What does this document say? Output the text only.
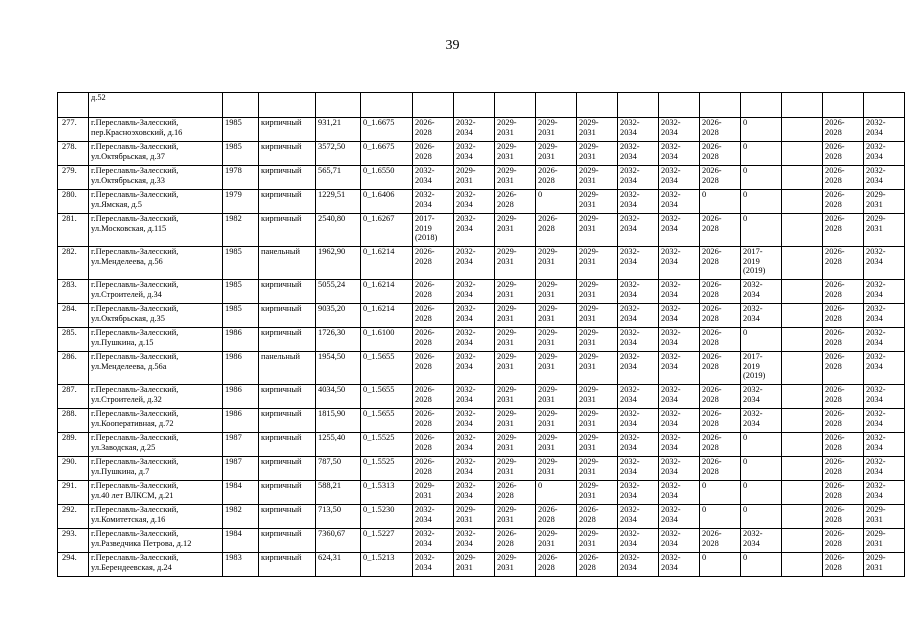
39
	д.52																
277.	г.Переславль-Залесский,
пер.Красноэховский, д.16	1985	кирпичный	931,21	0_1.6675	2026-
2028	2032-
2034	2029-
2031	2029-
2031	2029-
2031	2032-
2034	2032-
2034	2026-
2028	0		2026-
2028	2032-
2034
278.	г.Переславль-Залесский,
ул.Октябрьская, д.37	1985	кирпичный	3572,50	0_1.6675	2026-
2028	2032-
2034	2029-
2031	2029-
2031	2029-
2031	2032-
2034	2032-
2034	2026-
2028	0		2026-
2028	2032-
2034
279.	г.Переславль-Залесский,
ул.Октябрьская, д.33	1978	кирпичный	565,71	0_1.6550	2032-
2034	2029-
2031	2029-
2031	2026-
2028	2029-
2031	2032-
2034	2032-
2034	2026-
2028	0		2026-
2028	2032-
2034
280.	г.Переславль-Залесский,
ул.Ямская, д.5	1979	кирпичный	1229,51	0_1.6406	2032-
2034	2032-
2034	2026-
2028	0	2029-
2031	2032-
2034	2032-
2034	0	0		2026-
2028	2029-
2031
281.	г.Переславль-Залесский,
ул.Московская, д.115	1982	кирпичный	2540,80	0_1.6267	2017-
2019
(2018)	2032-
2034	2029-
2031	2026-
2028	2029-
2031	2032-
2034	2032-
2034	2026-
2028	0		2026-
2028	2029-
2031
282.	г.Переславль-Залесский,
ул.Менделеева, д.56	1985	панельный	1962,90	0_1.6214	2026-
2028	2032-
2034	2029-
2031	2029-
2031	2029-
2031	2032-
2034	2032-
2034	2026-
2028	2017-
2019
(2019)		2026-
2028	2032-
2034
283.	г.Переславль-Залесский,
ул.Строителей, д.34	1985	кирпичный	5055,24	0_1.6214	2026-
2028	2032-
2034	2029-
2031	2029-
2031	2029-
2031	2032-
2034	2032-
2034	2026-
2028	2032-
2034		2026-
2028	2032-
2034
284.	г.Переславль-Залесский,
ул.Октябрьская, д.35	1985	кирпичный	9035,20	0_1.6214	2026-
2028	2032-
2034	2029-
2031	2029-
2031	2029-
2031	2032-
2034	2032-
2034	2026-
2028	2032-
2034		2026-
2028	2032-
2034
285.	г.Переславль-Залесский,
ул.Пушкина, д.15	1986	кирпичный	1726,30	0_1.6100	2026-
2028	2032-
2034	2029-
2031	2029-
2031	2029-
2031	2032-
2034	2032-
2034	2026-
2028	0		2026-
2028	2032-
2034
286.	г.Переславль-Залесский,
ул.Менделеева, д.56а	1986	панельный	1954,50	0_1.5655	2026-
2028	2032-
2034	2029-
2031	2029-
2031	2029-
2031	2032-
2034	2032-
2034	2026-
2028	2017-
2019
(2019)		2026-
2028	2032-
2034
287.	г.Переславль-Залесский,
ул.Строителей, д.32	1986	кирпичный	4034,50	0_1.5655	2026-
2028	2032-
2034	2029-
2031	2029-
2031	2029-
2031	2032-
2034	2032-
2034	2026-
2028	2032-
2034		2026-
2028	2032-
2034
288.	г.Переславль-Залесский,
ул.Кооперативная, д.72	1986	кирпичный	1815,90	0_1.5655	2026-
2028	2032-
2034	2029-
2031	2029-
2031	2029-
2031	2032-
2034	2032-
2034	2026-
2028	2032-
2034		2026-
2028	2032-
2034
289.	г.Переславль-Залесский,
ул.Заводская, д.25	1987	кирпичный	1255,40	0_1.5525	2026-
2028	2032-
2034	2029-
2031	2029-
2031	2029-
2031	2032-
2034	2032-
2034	2026-
2028	0		2026-
2028	2032-
2034
290.	г.Переславль-Залесский,
ул.Пушкина, д.7	1987	кирпичный	787,50	0_1.5525	2026-
2028	2032-
2034	2029-
2031	2029-
2031	2029-
2031	2032-
2034	2032-
2034	2026-
2028	0		2026-
2028	2032-
2034
291.	г.Переславль-Залесский,
ул.40 лет ВЛКСМ, д.21	1984	кирпичный	588,21	0_1.5313	2029-
2031	2032-
2034	2026-
2028	0	2029-
2031	2032-
2034	2032-
2034	0	0		2026-
2028	2032-
2034
292.	г.Переславль-Залесский,
ул.Комитетская, д.16	1982	кирпичный	713,50	0_1.5230	2032-
2034	2029-
2031	2029-
2031	2026-
2028	2026-
2028	2032-
2034	2032-
2034	0	0		2026-
2028	2029-
2031
293.	г.Переславль-Залесский,
ул.Разведчика Петрова, д.12	1984	кирпичный	7360,67	0_1.5227	2032-
2034	2032-
2034	2026-
2028	2029-
2031	2029-
2031	2032-
2034	2032-
2034	2026-
2028	2032-
2034		2026-
2028	2029-
2031
294.	г.Переславль-Залесский,
ул.Берендеевская, д.24	1983	кирпичный	624,31	0_1.5213	2032-
2034	2029-
2031	2029-
2031	2026-
2028	2026-
2028	2032-
2034	2032-
2034	0	0		2026-
2028	2029-
2031
